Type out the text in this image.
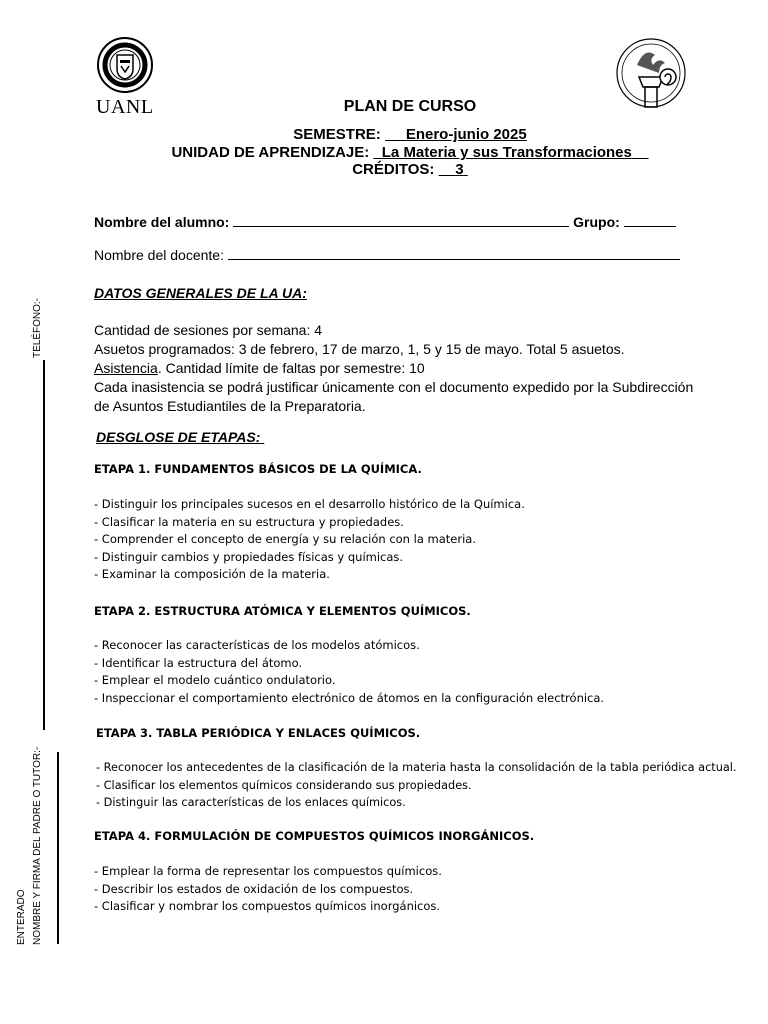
UANL	PLAN DE CURSO
SEMESTRE: Enero-junio 2025
UNIDAD DE APRENDIZAJE: La Materia y sus Transformaciones
CRÉDITOS: 3
Nombre del alumno:	Grupo:
Nombre del docente:
DATOS GENERALES DE LA UA:
Cantidad de sesiones por semana: 4
Asuetos programados: 3 de febrero, 17 de marzo, 1, 5 y 15 de mayo. Total 5 asuetos.
Asistencia. Cantidad límite de faltas por semestre: 10
Cada inasistencia se podrá justificar únicamente con el documento expedido por la Subdirección
de Asuntos Estudiantiles de la Preparatoria.
DESGLOSE DE ETAPAS:
ETAPA 1. FUNDAMENTOS BÁSICOS DE LA QUÍMICA.
- Distinguir los principales sucesos en el desarrollo histórico de la Química.
- Clasificar la materia en su estructura y propiedades.
- Comprender el concepto de energía y su relación con la materia.
- Distinguir cambios y propiedades físicas y químicas.
- Examinar la composición de la materia.
ETAPA 2. ESTRUCTURA ATÓMICA Y ELEMENTOS QUÍMICOS.
- Reconocer las características de los modelos atómicos.
- Identificar la estructura del átomo.
- Emplear el modelo cuántico ondulatorio.
- Inspeccionar el comportamiento electrónico de átomos en la configuración electrónica.
ETAPA 3. TABLA PERIÓDICA Y ENLACES QUÍMICOS.
- Reconocer los antecedentes de la clasificación de la materia hasta la consolidación de la tabla periódica actual.
- Clasificar los elementos químicos considerando sus propiedades.
- Distinguir las características de los enlaces químicos.
ETAPA 4. FORMULACIÓN DE COMPUESTOS QUÍMICOS INORGÁNICOS.
- Emplear la forma de representar los compuestos químicos.
- Describir los estados de oxidación de los compuestos.
- Clasificar y nombrar los compuestos químicos inorgánicos.
TELÉFONO:-
NOMBRE Y FIRMA DEL PADRE O TUTOR:-
ENTERADO
